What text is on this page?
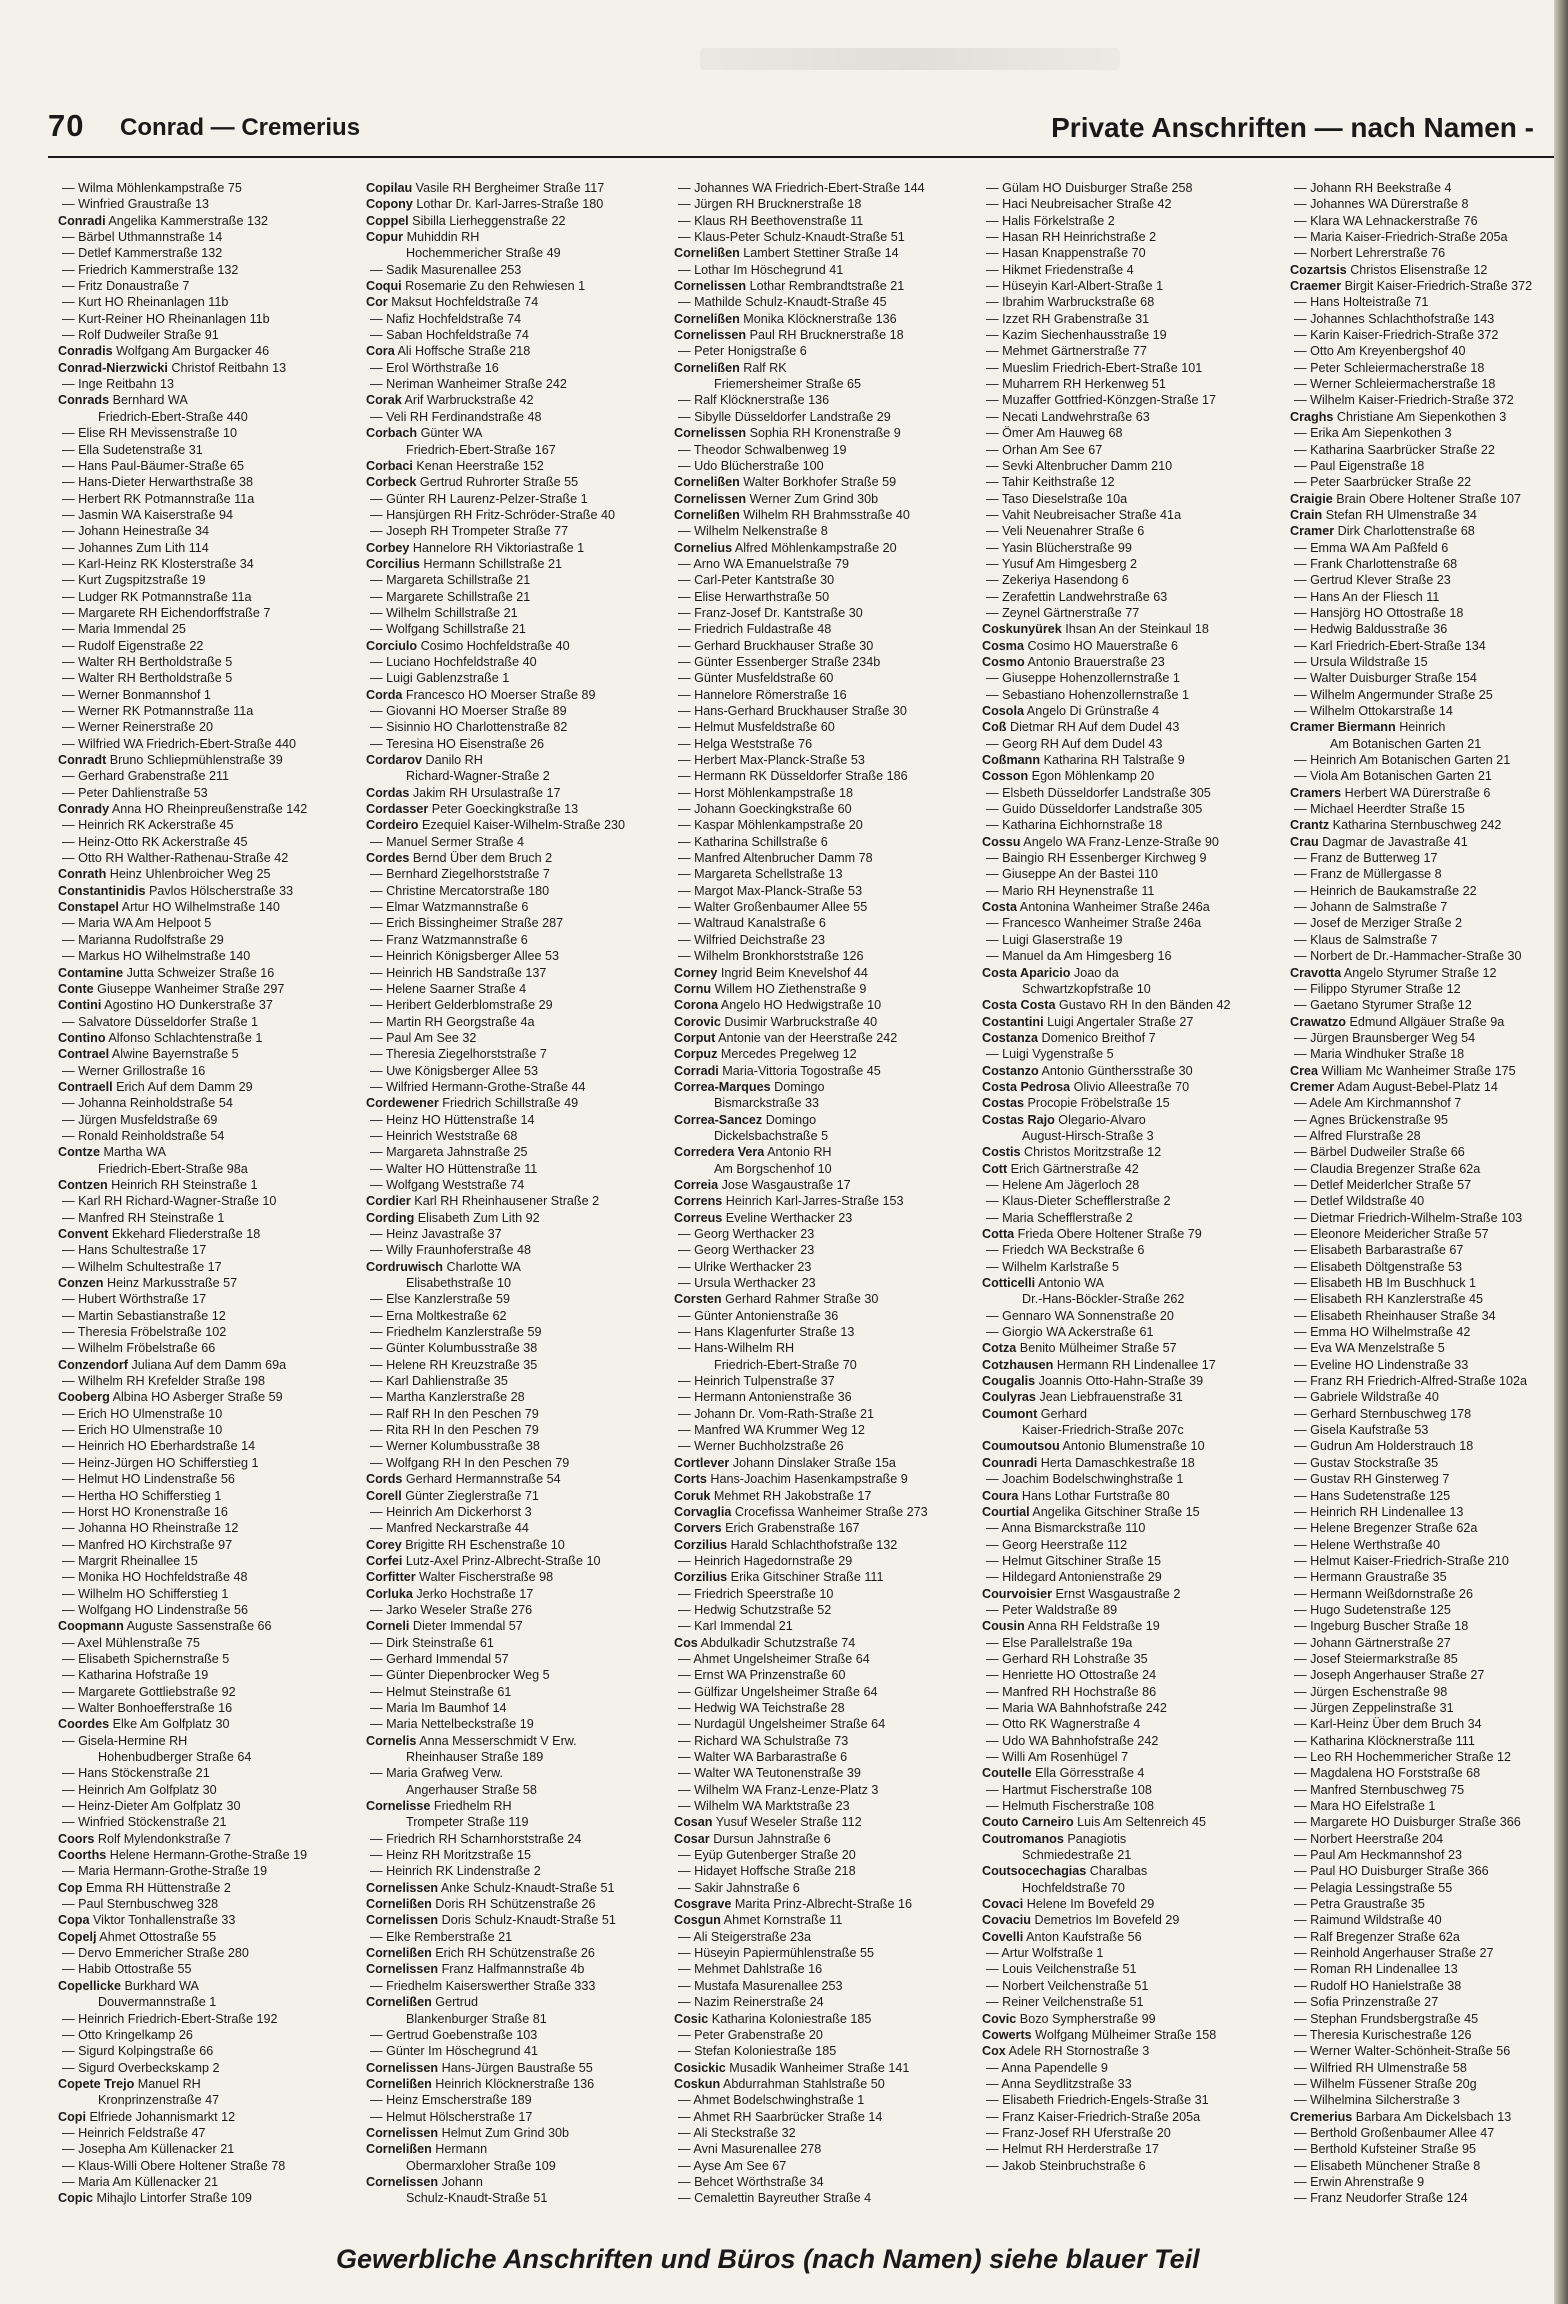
70 Conrad — Cremerius	Private Anschriften — nach Namen -
— Wilma Möhlenkampstraße 75
— Winfried Graustraße 13
Conradi Angelika Kammerstraße 132
— Bärbel Uthmannstraße 14
— Detlef Kammerstraße 132
— Friedrich Kammerstraße 132
— Fritz Donaustraße 7
— Kurt HO Rheinanlagen 11b
— Kurt-Reiner HO Rheinanlagen 11b
— Rolf Dudweiler Straße 91
Conradis Wolfgang Am Burgacker 46
Conrad-Nierzwicki Christof Reitbahn 13
— Inge Reitbahn 13
Conrads Bernhard WA
Friedrich-Ebert-Straße 440
— Elise RH Mevissenstraße 10
— Ella Sudetenstraße 31
— Hans Paul-Bäumer-Straße 65
— Hans-Dieter Herwarthstraße 38
— Herbert RK Potmannstraße 11a
— Jasmin WA Kaiserstraße 94
— Johann Heinestraße 34
— Johannes Zum Lith 114
— Karl-Heinz RK Klosterstraße 34
— Kurt Zugspitzstraße 19
— Ludger RK Potmannstraße 11a
— Margarete RH Eichendorffstraße 7
— Maria Immendal 25
— Rudolf Eigenstraße 22
— Walter RH Bertholdstraße 5
— Walter RH Bertholdstraße 5
— Werner Bonmannshof 1
— Werner RK Potmannstraße 11a
— Werner Reinerstraße 20
— Wilfried WA Friedrich-Ebert-Straße 440
Conradt Bruno Schliepmühlenstraße 39
— Gerhard Grabenstraße 211
— Peter Dahlienstraße 53
Conrady Anna HO Rheinpreußenstraße 142
— Heinrich RK Ackerstraße 45
— Heinz-Otto RK Ackerstraße 45
— Otto RH Walther-Rathenau-Straße 42
Conrath Heinz Uhlenbroicher Weg 25
Constantinidis Pavlos Hölscherstraße 33
Constapel Artur HO Wilhelmstraße 140
— Maria WA Am Helpoot 5
— Marianna Rudolfstraße 29
— Markus HO Wilhelmstraße 140
Contamine Jutta Schweizer Straße 16
Conte Giuseppe Wanheimer Straße 297
Contini Agostino HO Dunkerstraße 37
— Salvatore Düsseldorfer Straße 1
Contino Alfonso Schlachtenstraße 1
Contrael Alwine Bayernstraße 5
— Werner Grillostraße 16
Contraell Erich Auf dem Damm 29
— Johanna Reinholdstraße 54
— Jürgen Musfeldstraße 69
— Ronald Reinholdstraße 54
Contze Martha WA
Friedrich-Ebert-Straße 98a
Contzen Heinrich RH Steinstraße 1
— Karl RH Richard-Wagner-Straße 10
— Manfred RH Steinstraße 1
Convent Ekkehard Fliederstraße 18
— Hans Schultestraße 17
— Wilhelm Schultestraße 17
Conzen Heinz Markusstraße 57
— Hubert Wörthstraße 17
— Martin Sebastianstraße 12
— Theresia Fröbelstraße 102
— Wilhelm Fröbelstraße 66
Conzendorf Juliana Auf dem Damm 69a
— Wilhelm RH Krefelder Straße 198
Cooberg Albina HO Asberger Straße 59
— Erich HO Ulmenstraße 10
— Erich HO Ulmenstraße 10
— Heinrich HO Eberhardstraße 14
— Heinz-Jürgen HO Schifferstieg 1
— Helmut HO Lindenstraße 56
— Hertha HO Schifferstieg 1
— Horst HO Kronenstraße 16
— Johanna HO Rheinstraße 12
— Manfred HO Kirchstraße 97
— Margrit Rheinallee 15
— Monika HO Hochfeldstraße 48
— Wilhelm HO Schifferstieg 1
— Wolfgang HO Lindenstraße 56
Coopmann Auguste Sassenstraße 66
— Axel Mühlenstraße 75
— Elisabeth Spichernstraße 5
— Katharina Hofstraße 19
— Margarete Gottliebstraße 92
— Walter Bonhoefferstraße 16
Coordes Elke Am Golfplatz 30
— Gisela-Hermine RH
Hohenbudberger Straße 64
— Hans Stöckenstraße 21
— Heinrich Am Golfplatz 30
— Heinz-Dieter Am Golfplatz 30
— Winfried Stöckenstraße 21
Coors Rolf Mylendonkstraße 7
Coorths Helene Hermann-Grothe-Straße 19
— Maria Hermann-Grothe-Straße 19
Cop Emma RH Hüttenstraße 2
— Paul Sternbuschweg 328
Copa Viktor Tonhallenstraße 33
Copelj Ahmet Ottostraße 55
— Dervo Emmericher Straße 280
— Habib Ottostraße 55
Copellicke Burkhard WA
Douvermannstraße 1
— Heinrich Friedrich-Ebert-Straße 192
— Otto Kringelkamp 26
— Sigurd Kolpingstraße 66
— Sigurd Overbeckskamp 2
Copete Trejo Manuel RH
Kronprinzenstraße 47
Copi Elfriede Johannismarkt 12
— Heinrich Feldstraße 47
— Josepha Am Küllenacker 21
— Klaus-Willi Obere Holtener Straße 78
— Maria Am Küllenacker 21
Copic Mihajlo Lintorfer Straße 109
Copilau Vasile RH Bergheimer Straße 117
Copony Lothar Dr. Karl-Jarres-Straße 180
Coppel Sibilla Lierheggenstraße 22
Copur Muhiddin RH
Hochemmericher Straße 49
— Sadik Masurenallee 253
Coqui Rosemarie Zu den Rehwiesen 1
Cor Maksut Hochfeldstraße 74
— Nafiz Hochfeldstraße 74
— Saban Hochfeldstraße 74
Cora Ali Hoffsche Straße 218
— Erol Wörthstraße 16
— Neriman Wanheimer Straße 242
Corak Arif Warbruckstraße 42
— Veli RH Ferdinandstraße 48
Corbach Günter WA
Friedrich-Ebert-Straße 167
Corbaci Kenan Heerstraße 152
Corbeck Gertrud Ruhrorter Straße 55
— Günter RH Laurenz-Pelzer-Straße 1
— Hansjürgen RH Fritz-Schröder-Straße 40
— Joseph RH Trompeter Straße 77
Corbey Hannelore RH Viktoriastraße 1
Corcilius Hermann Schillstraße 21
— Margareta Schillstraße 21
— Margarete Schillstraße 21
— Wilhelm Schillstraße 21
— Wolfgang Schillstraße 21
Corciulo Cosimo Hochfeldstraße 40
— Luciano Hochfeldstraße 40
— Luigi Gablenzstraße 1
Corda Francesco HO Moerser Straße 89
— Giovanni HO Moerser Straße 89
— Sisinnio HO Charlottenstraße 82
— Teresina HO Eisenstraße 26
Cordarov Danilo RH
Richard-Wagner-Straße 2
Cordas Jakim RH Ursulastraße 17
Cordasser Peter Goeckingkstraße 13
Cordeiro Ezequiel Kaiser-Wilhelm-Straße 230
— Manuel Sermer Straße 4
Cordes Bernd Über dem Bruch 2
— Bernhard Ziegelhorststraße 7
— Christine Mercatorstraße 180
— Elmar Watzmannstraße 6
— Erich Bissingheimer Straße 287
— Franz Watzmannstraße 6
— Heinrich Königsberger Allee 53
— Heinrich HB Sandstraße 137
— Helene Saarner Straße 4
— Heribert Gelderblomstraße 29
— Martin RH Georgstraße 4a
— Paul Am See 32
— Theresia Ziegelhorststraße 7
— Uwe Königsberger Allee 53
— Wilfried Hermann-Grothe-Straße 44
Cordewener Friedrich Schillstraße 49
— Heinz HO Hüttenstraße 14
— Heinrich Weststraße 68
— Margareta Jahnstraße 25
— Walter HO Hüttenstraße 11
— Wolfgang Weststraße 74
Cordier Karl RH Rheinhausener Straße 2
Cording Elisabeth Zum Lith 92
— Heinz Javastraße 37
— Willy Fraunhoferstraße 48
Cordruwisch Charlotte WA
Elisabethstraße 10
— Else Kanzlerstraße 59
— Erna Moltkestraße 62
— Friedhelm Kanzlerstraße 59
— Günter Kolumbusstraße 38
— Helene RH Kreuzstraße 35
— Karl Dahlienstraße 35
— Martha Kanzlerstraße 28
— Ralf RH In den Peschen 79
— Rita RH In den Peschen 79
— Werner Kolumbusstraße 38
— Wolfgang RH In den Peschen 79
Cords Gerhard Hermannstraße 54
Corell Günter Zieglerstraße 71
— Heinrich Am Dickerhorst 3
— Manfred Neckarstraße 44
Corey Brigitte RH Eschenstraße 10
Corfei Lutz-Axel Prinz-Albrecht-Straße 10
Corfitter Walter Fischerstraße 98
Corluka Jerko Hochstraße 17
— Jarko Weseler Straße 276
Corneli Dieter Immendal 57
— Dirk Steinstraße 61
— Gerhard Immendal 57
— Günter Diepenbrocker Weg 5
— Helmut Steinstraße 61
— Maria Im Baumhof 14
— Maria Nettelbeckstraße 19
Cornelis Anna Messerschmidt V Erw.
Rheinhauser Straße 189
— Maria Grafweg Verw.
Angerhauser Straße 58
Cornelisse Friedhelm RH
Trompeter Straße 119
— Friedrich RH Scharnhorststraße 24
— Heinz RH Moritzstraße 15
— Heinrich RK Lindenstraße 2
Cornelissen Anke Schulz-Knaudt-Straße 51
Cornelißen Doris RH Schützenstraße 26
Cornelissen Doris Schulz-Knaudt-Straße 51
— Elke Remberstraße 21
Cornelißen Erich RH Schützenstraße 26
Cornelissen Franz Halfmannstraße 4b
— Friedhelm Kaiserswerther Straße 333
Cornelißen Gertrud
Blankenburger Straße 81
— Gertrud Goebenstraße 103
— Günter Im Höschegrund 41
Cornelissen Hans-Jürgen Baustraße 55
Cornelißen Heinrich Klöcknerstraße 136
— Heinz Emscherstraße 189
— Helmut Hölscherstraße 17
Cornelissen Helmut Zum Grind 30b
Cornelißen Hermann
Obermarxloher Straße 109
Cornelissen Johann
Schulz-Knaudt-Straße 51
— Johannes WA Friedrich-Ebert-Straße 144
— Jürgen RH Brucknerstraße 18
— Klaus RH Beethovenstraße 11
— Klaus-Peter Schulz-Knaudt-Straße 51
Cornelißen Lambert Stettiner Straße 14
— Lothar Im Höschegrund 41
Cornelissen Lothar Rembrandtstraße 21
— Mathilde Schulz-Knaudt-Straße 45
Cornelißen Monika Klöcknerstraße 136
Cornelissen Paul RH Brucknerstraße 18
— Peter Honigstraße 6
Cornelißen Ralf RK
Friemersheimer Straße 65
— Ralf Klöcknerstraße 136
— Sibylle Düsseldorfer Landstraße 29
Cornelissen Sophia RH Kronenstraße 9
— Theodor Schwalbenweg 19
— Udo Blücherstraße 100
Cornelißen Walter Borkhofer Straße 59
Cornelissen Werner Zum Grind 30b
Cornelißen Wilhelm RH Brahmsstraße 40
— Wilhelm Nelkenstraße 8
Cornelius Alfred Möhlenkampstraße 20
— Arno WA Emanuelstraße 79
— Carl-Peter Kantstraße 30
— Elise Herwarthstraße 50
— Franz-Josef Dr. Kantstraße 30
— Friedrich Fuldastraße 48
— Gerhard Bruckhauser Straße 30
— Günter Essenberger Straße 234b
— Günter Musfeldstraße 60
— Hannelore Römerstraße 16
— Hans-Gerhard Bruckhauser Straße 30
— Helmut Musfeldstraße 60
— Helga Weststraße 76
— Herbert Max-Planck-Straße 53
— Hermann RK Düsseldorfer Straße 186
— Horst Möhlenkampstraße 18
— Johann Goeckingkstraße 60
— Kaspar Möhlenkampstraße 20
— Katharina Schillstraße 6
— Manfred Altenbrucher Damm 78
— Margareta Schellstraße 13
— Margot Max-Planck-Straße 53
— Walter Großenbaumer Allee 55
— Waltraud Kanalstraße 6
— Wilfried Deichstraße 23
— Wilhelm Bronkhorststraße 126
Corney Ingrid Beim Knevelshof 44
Cornu Willem HO Ziethenstraße 9
Corona Angelo HO Hedwigstraße 10
Corovic Dusimir Warbruckstraße 40
Corput Antonie van der Heerstraße 242
Corpuz Mercedes Pregelweg 12
Corradi Maria-Vittoria Togostraße 45
Correa-Marques Domingo
Bismarckstraße 33
Correa-Sancez Domingo
Dickelsbachstraße 5
Corredera Vera Antonio RH
Am Borgschenhof 10
Correia Jose Wasgaustraße 17
Correns Heinrich Karl-Jarres-Straße 153
Correus Eveline Werthacker 23
— Georg Werthacker 23
— Georg Werthacker 23
— Ulrike Werthacker 23
— Ursula Werthacker 23
Corsten Gerhard Rahmer Straße 30
— Günter Antonienstraße 36
— Hans Klagenfurter Straße 13
— Hans-Wilhelm RH
Friedrich-Ebert-Straße 70
— Heinrich Tulpenstraße 37
— Hermann Antonienstraße 36
— Johann Dr. Vom-Rath-Straße 21
— Manfred WA Krummer Weg 12
— Werner Buchholzstraße 26
Cortlever Johann Dinslaker Straße 15a
Corts Hans-Joachim Hasenkampstraße 9
Coruk Mehmet RH Jakobstraße 17
Corvaglia Crocefissa Wanheimer Straße 273
Corvers Erich Grabenstraße 167
Corzilius Harald Schlachthofstraße 132
— Heinrich Hagedornstraße 29
Corzilius Erika Gitschiner Straße 111
— Friedrich Speerstraße 10
— Hedwig Schutzstraße 52
— Karl Immendal 21
Cos Abdulkadir Schutzstraße 74
— Ahmet Ungelsheimer Straße 64
— Ernst WA Prinzenstraße 60
— Gülfizar Ungelsheimer Straße 64
— Hedwig WA Teichstraße 28
— Nurdagül Ungelsheimer Straße 64
— Richard WA Schulstraße 73
— Walter WA Barbarastraße 6
— Walter WA Teutonenstraße 39
— Wilhelm WA Franz-Lenze-Platz 3
— Wilhelm WA Marktstraße 23
Cosan Yusuf Weseler Straße 112
Cosar Dursun Jahnstraße 6
— Eyüp Gutenberger Straße 20
— Hidayet Hoffsche Straße 218
— Sakir Jahnstraße 6
Cosgrave Marita Prinz-Albrecht-Straße 16
Cosgun Ahmet Kornstraße 11
— Ali Steigerstraße 23a
— Hüseyin Papiermühlenstraße 55
— Mehmet Dahlstraße 16
— Mustafa Masurenallee 253
— Nazim Reinerstraße 24
Cosic Katharina Koloniestraße 185
— Peter Grabenstraße 20
— Stefan Koloniestraße 185
Cosickic Musadik Wanheimer Straße 141
Coskun Abdurrahman Stahlstraße 50
— Ahmet Bodelschwinghstraße 1
— Ahmet RH Saarbrücker Straße 14
— Ali Steckstraße 32
— Avni Masurenallee 278
— Ayse Am See 67
— Behcet Wörthstraße 34
— Cemalettin Bayreuther Straße 4
— Gülam HO Duisburger Straße 258
— Haci Neubreisacher Straße 42
— Halis Förkelstraße 2
— Hasan RH Heinrichstraße 2
— Hasan Knappenstraße 70
— Hikmet Friedenstraße 4
— Hüseyin Karl-Albert-Straße 1
— Ibrahim Warbruckstraße 68
— Izzet RH Grabenstraße 31
— Kazim Siechenhausstraße 19
— Mehmet Gärtnerstraße 77
— Mueslim Friedrich-Ebert-Straße 101
— Muharrem RH Herkenweg 51
— Muzaffer Gottfried-Könzgen-Straße 17
— Necati Landwehrstraße 63
— Ömer Am Hauweg 68
— Orhan Am See 67
— Sevki Altenbrucher Damm 210
— Tahir Keithstraße 12
— Taso Dieselstraße 10a
— Vahit Neubreisacher Straße 41a
— Veli Neuenahrer Straße 6
— Yasin Blücherstraße 99
— Yusuf Am Himgesberg 2
— Zekeriya Hasendong 6
— Zerafettin Landwehrstraße 63
— Zeynel Gärtnerstraße 77
Coskunyürek Ihsan An der Steinkaul 18
Cosma Cosimo HO Mauerstraße 6
Cosmo Antonio Brauerstraße 23
— Giuseppe Hohenzollernstraße 1
— Sebastiano Hohenzollernstraße 1
Cosola Angelo Di Grünstraße 4
Coß Dietmar RH Auf dem Dudel 43
— Georg RH Auf dem Dudel 43
Coßmann Katharina RH Talstraße 9
Cosson Egon Möhlenkamp 20
— Elsbeth Düsseldorfer Landstraße 305
— Guido Düsseldorfer Landstraße 305
— Katharina Eichhornstraße 18
Cossu Angelo WA Franz-Lenze-Straße 90
— Baingio RH Essenberger Kirchweg 9
— Giuseppe An der Bastei 110
— Mario RH Heynenstraße 11
Costa Antonina Wanheimer Straße 246a
— Francesco Wanheimer Straße 246a
— Luigi Glaserstraße 19
— Manuel da Am Himgesberg 16
Costa Aparicio Joao da
Schwartzkopfstraße 10
Costa Costa Gustavo RH In den Bänden 42
Costantini Luigi Angertaler Straße 27
Costanza Domenico Breithof 7
— Luigi Vygenstraße 5
Costanzo Antonio Günthersstraße 30
Costa Pedrosa Olivio Alleestraße 70
Costas Procopie Fröbelstraße 15
Costas Rajo Olegario-Alvaro
August-Hirsch-Straße 3
Costis Christos Moritzstraße 12
Cott Erich Gärtnerstraße 42
— Helene Am Jägerloch 28
— Klaus-Dieter Schefflerstraße 2
— Maria Schefflerstraße 2
Cotta Frieda Obere Holtener Straße 79
— Friedch WA Beckstraße 6
— Wilhelm Karlstraße 5
Cotticelli Antonio WA
Dr.-Hans-Böckler-Straße 262
— Gennaro WA Sonnenstraße 20
— Giorgio WA Ackerstraße 61
Cotza Benito Mülheimer Straße 57
Cotzhausen Hermann RH Lindenallee 17
Cougalis Joannis Otto-Hahn-Straße 39
Coulyras Jean Liebfrauenstraße 31
Coumont Gerhard
Kaiser-Friedrich-Straße 207c
Coumoutsou Antonio Blumenstraße 10
Counradi Herta Damaschkestraße 18
— Joachim Bodelschwinghstraße 1
Coura Hans Lothar Furtstraße 80
Courtial Angelika Gitschiner Straße 15
— Anna Bismarckstraße 110
— Georg Heerstraße 112
— Helmut Gitschiner Straße 15
— Hildegard Antonienstraße 29
Courvoisier Ernst Wasgaustraße 2
— Peter Waldstraße 89
Cousin Anna RH Feldstraße 19
— Else Parallelstraße 19a
— Gerhard RH Lohstraße 35
— Henriette HO Ottostraße 24
— Manfred RH Hochstraße 86
— Maria WA Bahnhofstraße 242
— Otto RK Wagnerstraße 4
— Udo WA Bahnhofstraße 242
— Willi Am Rosenhügel 7
Coutelle Ella Görresstraße 4
— Hartmut Fischerstraße 108
— Helmuth Fischerstraße 108
Couto Carneiro Luis Am Seltenreich 45
Coutromanos Panagiotis
Schmiedestraße 21
Coutsocechagias Charalbas
Hochfeldstraße 70
Covaci Helene Im Bovefeld 29
Covaciu Demetrios Im Bovefeld 29
Covelli Anton Kaufstraße 56
— Artur Wolfstraße 1
— Louis Veilchenstraße 51
— Norbert Veilchenstraße 51
— Reiner Veilchenstraße 51
Covic Bozo Sympherstraße 99
Cowerts Wolfgang Mülheimer Straße 158
Cox Adele RH Stornostraße 3
— Anna Papendelle 9
— Anna Seydlitzstraße 33
— Elisabeth Friedrich-Engels-Straße 31
— Franz Kaiser-Friedrich-Straße 205a
— Franz-Josef RH Uferstraße 20
— Helmut RH Herderstraße 17
— Jakob Steinbruchstraße 6
— Johann RH Beekstraße 4
— Johannes WA Dürerstraße 8
— Klara WA Lehnackerstraße 76
— Maria Kaiser-Friedrich-Straße 205a
— Norbert Lehrerstraße 76
Cozartsis Christos Elisenstraße 12
Craemer Birgit Kaiser-Friedrich-Straße 372
— Hans Holteistraße 71
— Johannes Schlachthofstraße 143
— Karin Kaiser-Friedrich-Straße 372
— Otto Am Kreyenbergshof 40
— Peter Schleiermacherstraße 18
— Werner Schleiermacherstraße 18
— Wilhelm Kaiser-Friedrich-Straße 372
Craghs Christiane Am Siepenkothen 3
— Erika Am Siepenkothen 3
— Katharina Saarbrücker Straße 22
— Paul Eigenstraße 18
— Peter Saarbrücker Straße 22
Craigie Brain Obere Holtener Straße 107
Crain Stefan RH Ulmenstraße 34
Cramer Dirk Charlottenstraße 68
— Emma WA Am Paßfeld 6
— Frank Charlottenstraße 68
— Gertrud Klever Straße 23
— Hans An der Fliesch 11
— Hansjörg HO Ottostraße 18
— Hedwig Baldusstraße 36
— Karl Friedrich-Ebert-Straße 134
— Ursula Wildstraße 15
— Walter Duisburger Straße 154
— Wilhelm Angermunder Straße 25
— Wilhelm Ottokarstraße 14
Cramer Biermann Heinrich
Am Botanischen Garten 21
— Heinrich Am Botanischen Garten 21
— Viola Am Botanischen Garten 21
Cramers Herbert WA Dürerstraße 6
— Michael Heerdter Straße 15
Crantz Katharina Sternbuschweg 242
Crau Dagmar de Javastraße 41
— Franz de Butterweg 17
— Franz de Müllergasse 8
— Heinrich de Baukamstraße 22
— Johann de Salmstraße 7
— Josef de Merziger Straße 2
— Klaus de Salmstraße 7
— Norbert de Dr.-Hammacher-Straße 30
Cravotta Angelo Styrumer Straße 12
— Filippo Styrumer Straße 12
— Gaetano Styrumer Straße 12
Crawatzo Edmund Allgäuer Straße 9a
— Jürgen Braunsberger Weg 54
— Maria Windhuker Straße 18
Crea William Mc Wanheimer Straße 175
Cremer Adam August-Bebel-Platz 14
— Adele Am Kirchmannshof 7
— Agnes Brückenstraße 95
— Alfred Flurstraße 28
— Bärbel Dudweiler Straße 66
— Claudia Bregenzer Straße 62a
— Detlef Meiderlcher Straße 57
— Detlef Wildstraße 40
— Dietmar Friedrich-Wilhelm-Straße 103
— Eleonore Meidericher Straße 57
— Elisabeth Barbarastraße 67
— Elisabeth Döltgenstraße 53
— Elisabeth HB Im Buschhuck 1
— Elisabeth RH Kanzlerstraße 45
— Elisabeth Rheinhauser Straße 34
— Emma HO Wilhelmstraße 42
— Eva WA Menzelstraße 5
— Eveline HO Lindenstraße 33
— Franz RH Friedrich-Alfred-Straße 102a
— Gabriele Wildstraße 40
— Gerhard Sternbuschweg 178
— Gisela Kaufstraße 53
— Gudrun Am Holderstrauch 18
— Gustav Stockstraße 35
— Gustav RH Ginsterweg 7
— Hans Sudetenstraße 125
— Heinrich RH Lindenallee 13
— Helene Bregenzer Straße 62a
— Helene Werthstraße 40
— Helmut Kaiser-Friedrich-Straße 210
— Hermann Graustraße 35
— Hermann Weißdornstraße 26
— Hugo Sudetenstraße 125
— Ingeburg Buscher Straße 18
— Johann Gärtnerstraße 27
— Josef Steiermarkstraße 85
— Joseph Angerhauser Straße 27
— Jürgen Eschenstraße 98
— Jürgen Zeppelinstraße 31
— Karl-Heinz Über dem Bruch 34
— Katharina Klöcknerstraße 111
— Leo RH Hochemmericher Straße 12
— Magdalena HO Forststraße 68
— Manfred Sternbuschweg 75
— Mara HO Eifelstraße 1
— Margarete HO Duisburger Straße 366
— Norbert Heerstraße 204
— Paul Am Heckmannshof 23
— Paul HO Duisburger Straße 366
— Pelagia Lessingstraße 55
— Petra Graustraße 35
— Raimund Wildstraße 40
— Ralf Bregenzer Straße 62a
— Reinhold Angerhauser Straße 27
— Roman RH Lindenallee 13
— Rudolf HO Hanielstraße 38
— Sofia Prinzenstraße 27
— Stephan Frundsbergstraße 45
— Theresia Kurischestraße 126
— Werner Walter-Schönheit-Straße 56
— Wilfried RH Ulmenstraße 58
— Wilhelm Füssener Straße 20g
— Wilhelmina Silcherstraße 3
Cremerius Barbara Am Dickelsbach 13
— Berthold Großenbaumer Allee 47
— Berthold Kufsteiner Straße 95
— Elisabeth Münchener Straße 8
— Erwin Ahrenstraße 9
— Franz Neudorfer Straße 124
Gewerbliche Anschriften und Büros (nach Namen) siehe blauer Teil
